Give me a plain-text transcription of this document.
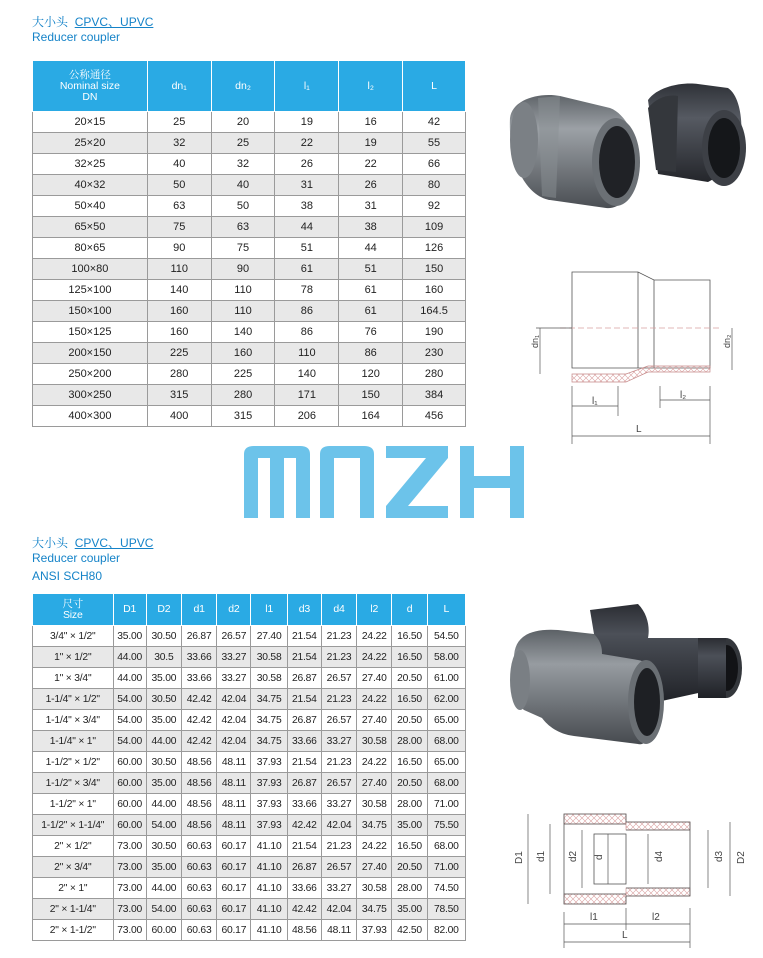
大小头 CPVC、UPVC
Reducer coupler
公称通径
Nominal size
DN	dn₁	dn₂	l₁	l₂	L

20×15	25	20	19	16	42
25×20	32	25	22	19	55
32×25	40	32	26	22	66
40×32	50	40	31	26	80
50×40	63	50	38	31	92
65×50	75	63	44	38	109
80×65	90	75	51	44	126
100×80	110	90	61	51	150
125×100	140	110	78	61	160
150×100	160	110	86	61	164.5
150×125	160	140	86	76	190
200×150	225	160	110	86	230
250×200	280	225	140	120	280
300×250	315	280	171	150	384
400×300	400	315	206	164	456
dn₁	dn₂
l₁
l₂
L
大小头 CPVC、UPVC
Reducer coupler
ANSI SCH80
尺寸
Size	D1	D2	d1	d2	l1	d3	d4	l2	d	L

3/4" × 1/2"	35.00	30.50	26.87	26.57	27.40	21.54	21.23	24.22	16.50	54.50
1" × 1/2"	44.00	30.5	33.66	33.27	30.58	21.54	21.23	24.22	16.50	58.00
1" × 3/4"	44.00	35.00	33.66	33.27	30.58	26.87	26.57	27.40	20.50	61.00
1-1/4" × 1/2"	54.00	30.50	42.42	42.04	34.75	21.54	21.23	24.22	16.50	62.00
1-1/4" × 3/4"	54.00	35.00	42.42	42.04	34.75	26.87	26.57	27.40	20.50	65.00
1-1/4" × 1"	54.00	44.00	42.42	42.04	34.75	33.66	33.27	30.58	28.00	68.00
1-1/2" × 1/2"	60.00	30.50	48.56	48.11	37.93	21.54	21.23	24.22	16.50	65.00
1-1/2" × 3/4"	60.00	35.00	48.56	48.11	37.93	26.87	26.57	27.40	20.50	68.00
1-1/2" × 1"	60.00	44.00	48.56	48.11	37.93	33.66	33.27	30.58	28.00	71.00
1-1/2" × 1-1/4"	60.00	54.00	48.56	48.11	37.93	42.42	42.04	34.75	35.00	75.50
2" × 1/2"	73.00	30.50	60.63	60.17	41.10	21.54	21.23	24.22	16.50	68.00
2" × 3/4"	73.00	35.00	60.63	60.17	41.10	26.87	26.57	27.40	20.50	71.00
2" × 1"	73.00	44.00	60.63	60.17	41.10	33.66	33.27	30.58	28.00	74.50
2" × 1-1/4"	73.00	54.00	60.63	60.17	41.10	42.42	42.04	34.75	35.00	78.50
2" × 1-1/2"	73.00	60.00	60.63	60.17	41.10	48.56	48.11	37.93	42.50	82.00
D1 d1 d2 d	d4	d3 D2
l1	l2
L
